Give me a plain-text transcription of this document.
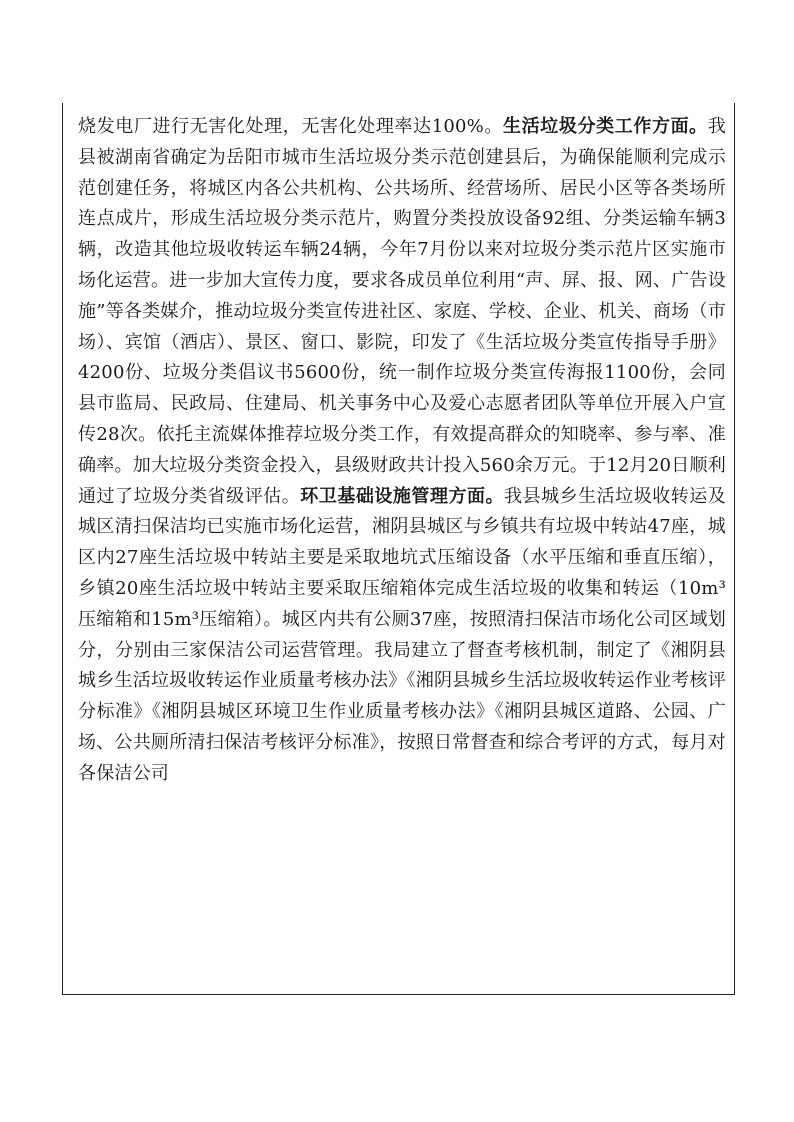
烧发电厂进行无害化处理，无害化处理率达100%。生活垃圾分类工作方面。我县被湖南省确定为岳阳市城市生活垃圾分类示范创建县后，为确保能顺利完成示范创建任务，将城区内各公共机构、公共场所、经营场所、居民小区等各类场所连点成片，形成生活垃圾分类示范片，购置分类投放设备92组、分类运输车辆3辆，改造其他垃圾收转运车辆24辆，今年7月份以来对垃圾分类示范片区实施市场化运营。进一步加大宣传力度，要求各成员单位利用“声、屏、报、网、广告设施”等各类媒介，推动垃圾分类宣传进社区、家庭、学校、企业、机关、商场（市场）、宾馆（酒店）、景区、窗口、影院，印发了《生活垃圾分类宣传指导手册》4200份、垃圾分类倡议书5600份，统一制作垃圾分类宣传海报1100份，会同县市监局、民政局、住建局、机关事务中心及爱心志愿者团队等单位开展入户宣传28次。依托主流媒体推荐垃圾分类工作，有效提高群众的知晓率、参与率、准确率。加大垃圾分类资金投入，县级财政共计投入560余万元。于12月20日顺利通过了垃圾分类省级评估。环卫基础设施管理方面。我县城乡生活垃圾收转运及城区清扫保洁均已实施市场化运营，湘阴县城区与乡镇共有垃圾中转站47座，城区内27座生活垃圾中转站主要是采取地坑式压缩设备（水平压缩和垂直压缩），乡镇20座生活垃圾中转站主要采取压缩箱体完成生活垃圾的收集和转运（10m³压缩箱和15m³压缩箱）。城区内共有公厕37座，按照清扫保洁市场化公司区域划分，分别由三家保洁公司运营管理。我局建立了督查考核机制，制定了《湘阴县城乡生活垃圾收转运作业质量考核办法》《湘阴县城乡生活垃圾收转运作业考核评分标准》《湘阴县城区环境卫生作业质量考核办法》《湘阴县城区道路、公园、广场、公共厕所清扫保洁考核评分标准》，按照日常督查和综合考评的方式，每月对各保洁公司
